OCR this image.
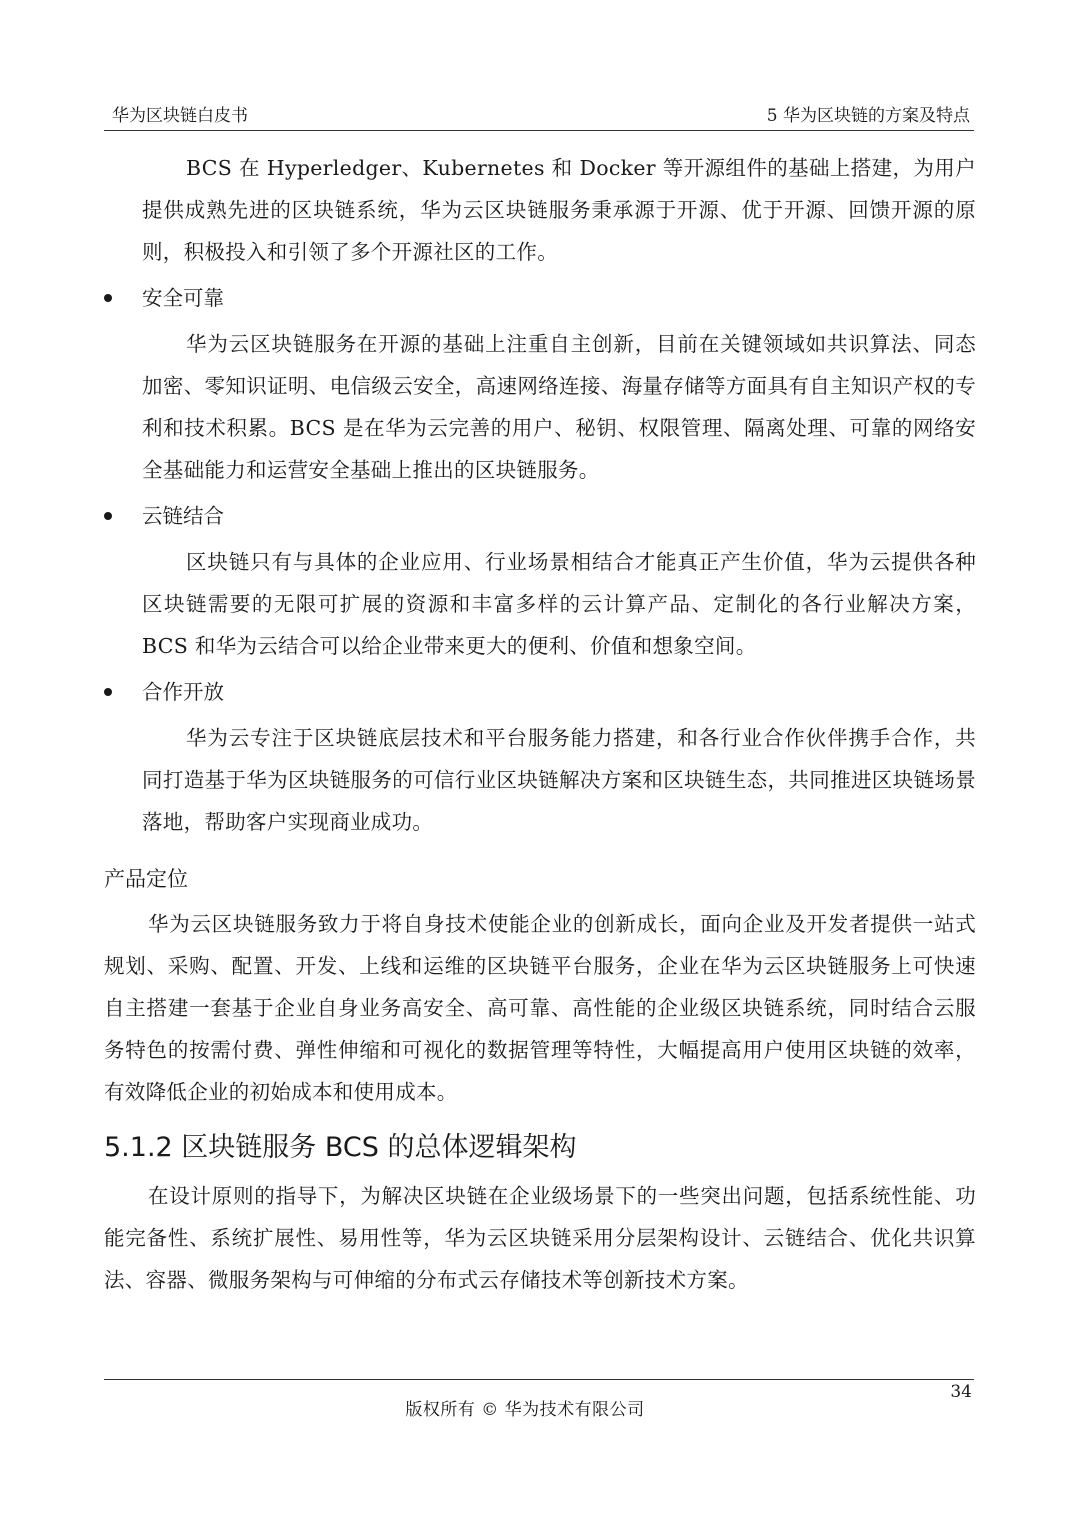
华为区块链白皮书	5 华为区块链的方案及特点

BCS 在 Hyperledger、Kubernetes 和 Docker 等开源组件的基础上搭建，为用户提供成熟先进的区块链系统，华为云区块链服务秉承源于开源、优于开源、回馈开源的原则，积极投入和引领了多个开源社区的工作。

安全可靠

华为云区块链服务在开源的基础上注重自主创新，目前在关键领域如共识算法、同态加密、零知识证明、电信级云安全，高速网络连接、海量存储等方面具有自主知识产权的专利和技术积累。BCS 是在华为云完善的用户、秘钥、权限管理、隔离处理、可靠的网络安全基础能力和运营安全基础上推出的区块链服务。

云链结合

区块链只有与具体的企业应用、行业场景相结合才能真正产生价值，华为云提供各种区块链需要的无限可扩展的资源和丰富多样的云计算产品、定制化的各行业解决方案，BCS 和华为云结合可以给企业带来更大的便利、价值和想象空间。

合作开放

华为云专注于区块链底层技术和平台服务能力搭建，和各行业合作伙伴携手合作，共同打造基于华为区块链服务的可信行业区块链解决方案和区块链生态，共同推进区块链场景落地，帮助客户实现商业成功。

产品定位

华为云区块链服务致力于将自身技术使能企业的创新成长，面向企业及开发者提供一站式规划、采购、配置、开发、上线和运维的区块链平台服务，企业在华为云区块链服务上可快速自主搭建一套基于企业自身业务高安全、高可靠、高性能的企业级区块链系统，同时结合云服务特色的按需付费、弹性伸缩和可视化的数据管理等特性，大幅提高用户使用区块链的效率，有效降低企业的初始成本和使用成本。

5.1.2 区块链服务 BCS 的总体逻辑架构

在设计原则的指导下，为解决区块链在企业级场景下的一些突出问题，包括系统性能、功能完备性、系统扩展性、易用性等，华为云区块链采用分层架构设计、云链结合、优化共识算法、容器、微服务架构与可伸缩的分布式云存储技术等创新技术方案。

34
版权所有 © 华为技术有限公司
